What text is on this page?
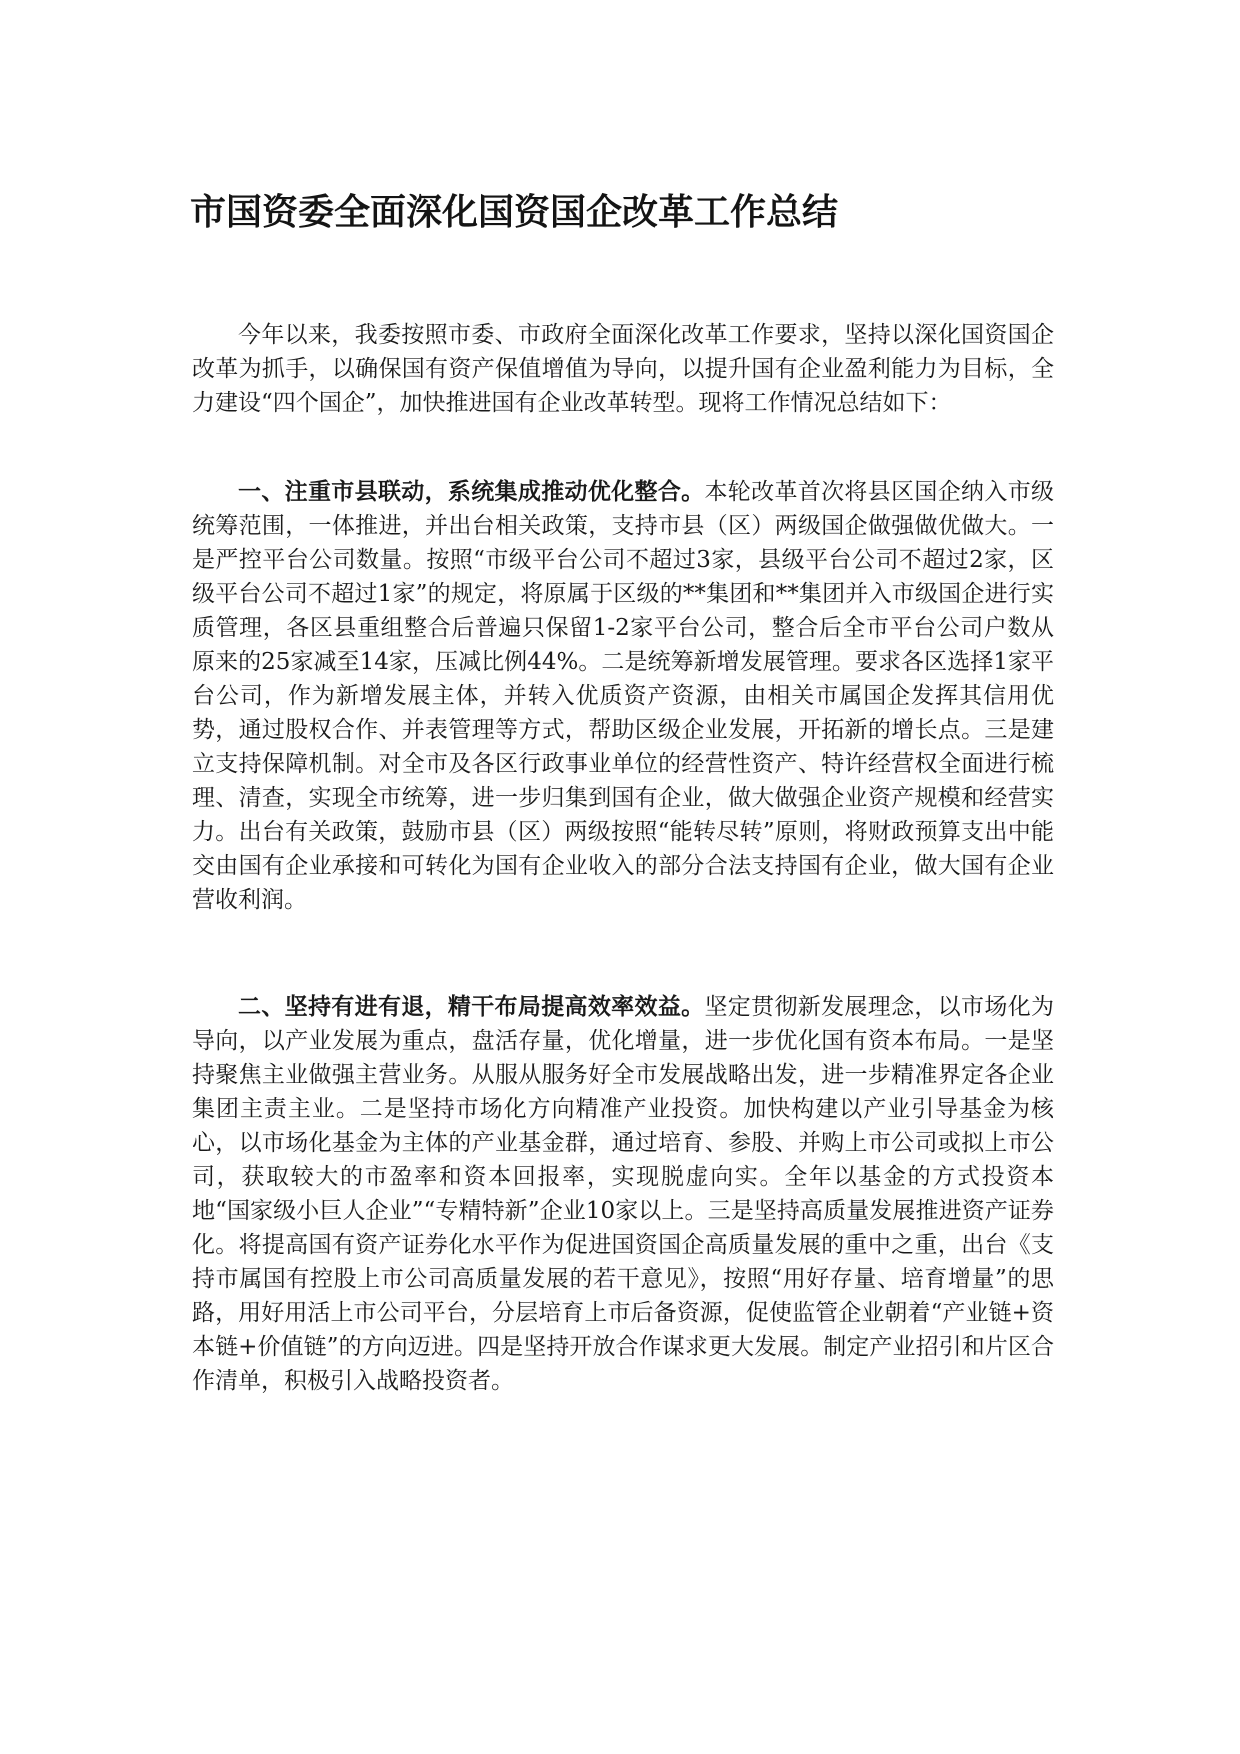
市国资委全面深化国资国企改革工作总结

今年以来，我委按照市委、市政府全面深化改革工作要求，坚持以深化国资国企改革为抓手，以确保国有资产保值增值为导向，以提升国有企业盈利能力为目标，全力建设“四个国企”，加快推进国有企业改革转型。现将工作情况总结如下：

一、注重市县联动，系统集成推动优化整合。本轮改革首次将县区国企纳入市级统筹范围，一体推进，并出台相关政策，支持市县（区）两级国企做强做优做大。一是严控平台公司数量。按照“市级平台公司不超过3家，县级平台公司不超过2家，区级平台公司不超过1家”的规定，将原属于区级的**集团和**集团并入市级国企进行实质管理，各区县重组整合后普遍只保留1-2家平台公司，整合后全市平台公司户数从原来的25家减至14家，压减比例44%。二是统筹新增发展管理。要求各区选择1家平台公司，作为新增发展主体，并转入优质资产资源，由相关市属国企发挥其信用优势，通过股权合作、并表管理等方式，帮助区级企业发展，开拓新的增长点。三是建立支持保障机制。对全市及各区行政事业单位的经营性资产、特许经营权全面进行梳理、清查，实现全市统筹，进一步归集到国有企业，做大做强企业资产规模和经营实力。出台有关政策，鼓励市县（区）两级按照“能转尽转”原则，将财政预算支出中能交由国有企业承接和可转化为国有企业收入的部分合法支持国有企业，做大国有企业营收利润。

二、坚持有进有退，精干布局提高效率效益。坚定贯彻新发展理念，以市场化为导向，以产业发展为重点，盘活存量，优化增量，进一步优化国有资本布局。一是坚持聚焦主业做强主营业务。从服从服务好全市发展战略出发，进一步精准界定各企业集团主责主业。二是坚持市场化方向精准产业投资。加快构建以产业引导基金为核心，以市场化基金为主体的产业基金群，通过培育、参股、并购上市公司或拟上市公司，获取较大的市盈率和资本回报率，实现脱虚向实。全年以基金的方式投资本地“国家级小巨人企业”“专精特新”企业10家以上。三是坚持高质量发展推进资产证券化。将提高国有资产证券化水平作为促进国资国企高质量发展的重中之重，出台《支持市属国有控股上市公司高质量发展的若干意见》，按照“用好存量、培育增量”的思路，用好用活上市公司平台，分层培育上市后备资源，促使监管企业朝着“产业链+资本链+价值链”的方向迈进。四是坚持开放合作谋求更大发展。制定产业招引和片区合作清单，积极引入战略投资者。
